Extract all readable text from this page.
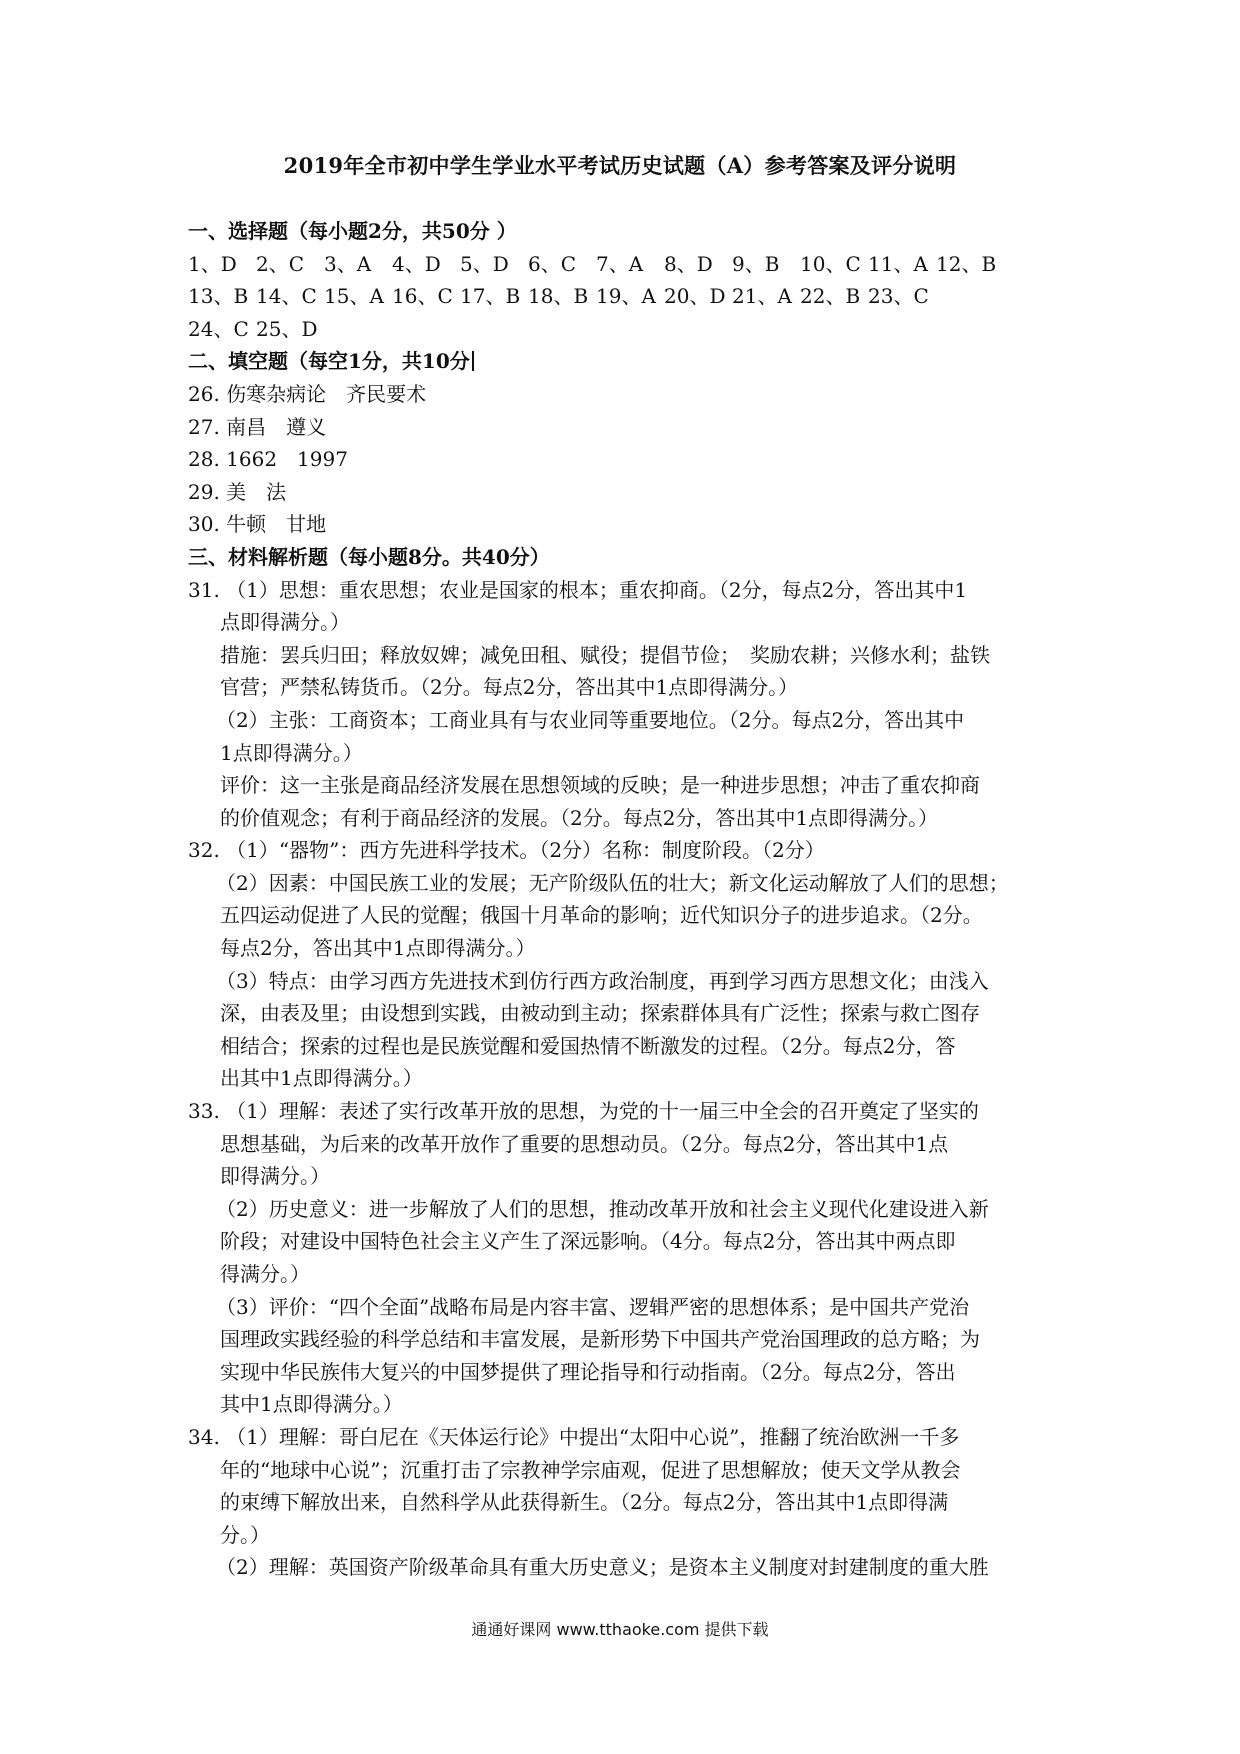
2019年全市初中学生学业水平考试历史试题（A）参考答案及评分说明
一、选择题（每小题2分，共50分 ）
1、D 2、C 3、A	4、D 5、D 6、C 7、A	8、D 9、B	10、C 11、A 12、B
13、B 14、C 15、A 16、C 17、B 18、B 19、A 20、D 21、A 22、B 23、C
24、C 25、D
二、填空题（每空1分，共10分
26. 伤寒杂病论　齐民要术
27. 南昌　遵义
28. 1662　1997
29. 美　法
30. 牛顿　甘地
三、材料解析题（每小题8分。共40分）
31. （1）思想：重农思想；农业是国家的根本；重农抑商。（2分，每点2分，答出其中1
点即得满分。）
措施：罢兵归田；释放奴婢；减免田租、赋役；提倡节俭；　奖励农耕；兴修水利；盐铁
官营；严禁私铸货币。（2分。每点2分，答出其中1点即得满分。）
（2）主张：工商资本；工商业具有与农业同等重要地位。（2分。每点2分，答出其中
1点即得满分。）
评价：这一主张是商品经济发展在思想领域的反映；是一种进步思想；冲击了重农抑商
的价值观念；有利于商品经济的发展。（2分。每点2分，答出其中1点即得满分。）
32. （1）“器物”：西方先进科学技术。（2分）名称：制度阶段。（2分）
（2）因素：中国民族工业的发展；无产阶级队伍的壮大；新文化运动解放了人们的思想；
五四运动促进了人民的觉醒；俄国十月革命的影响；近代知识分子的进步追求。（2分。
每点2分，答出其中1点即得满分。）
（3）特点：由学习西方先进技术到仿行西方政治制度，再到学习西方思想文化；由浅入
深，由表及里；由设想到实践，由被动到主动；探索群体具有广泛性；探索与救亡图存
相结合；探索的过程也是民族觉醒和爱国热情不断激发的过程。（2分。每点2分，答
出其中1点即得满分。）
33. （1）理解：表述了实行改革开放的思想，为党的十一届三中全会的召开奠定了坚实的
思想基础，为后来的改革开放作了重要的思想动员。（2分。每点2分，答出其中1点
即得满分。）
（2）历史意义：进一步解放了人们的思想，推动改革开放和社会主义现代化建设进入新
阶段；对建设中国特色社会主义产生了深远影响。（4分。每点2分，答出其中两点即
得满分。）
（3）评价：“四个全面”战略布局是内容丰富、逻辑严密的思想体系；是中国共产党治
国理政实践经验的科学总结和丰富发展，是新形势下中国共产党治国理政的总方略；为
实现中华民族伟大复兴的中国梦提供了理论指导和行动指南。（2分。每点2分，答出
其中1点即得满分。）
34. （1）理解：哥白尼在《天体运行论》中提出“太阳中心说”，推翻了统治欧洲一千多
年的“地球中心说”；沉重打击了宗教神学宗庙观，促进了思想解放；使天文学从教会
的束缚下解放出来，自然科学从此获得新生。（2分。每点2分，答出其中1点即得满
分。）
（2）理解：英国资产阶级革命具有重大历史意义；是资本主义制度对封建制度的重大胜
通通好课网 www.tthaoke.com 提供下载
